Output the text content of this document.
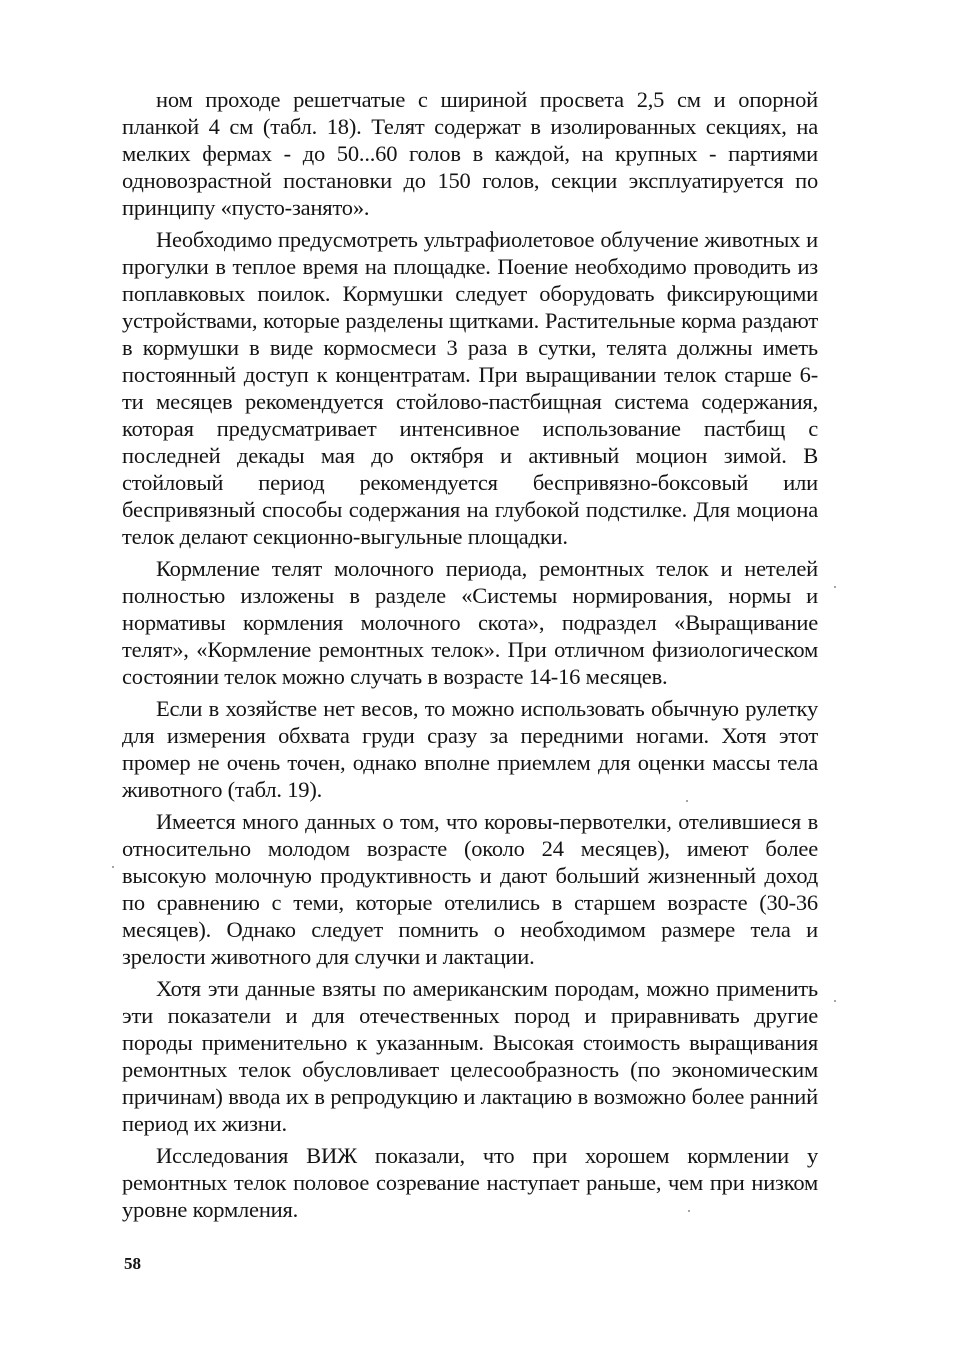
ном проходе решетчатые с шириной просвета 2,5 см и опорной планкой 4 см (табл. 18). Телят содержат в изолированных секциях, на мелких фермах - до 50...60 голов в каждой, на крупных - партиями одновозрастной постановки до 150 голов, секции эксплуатируется по принципу «пусто-занято».

Необходимо предусмотреть ультрафиолетовое облучение животных и прогулки в теплое время на площадке. Поение необходимо проводить из поплавковых поилок. Кормушки следует оборудовать фиксирующими устройствами, которые разделены щитками. Растительные корма раздают в кормушки в виде кормосмеси 3 раза в сутки, телята должны иметь постоянный доступ к концентратам. При выращивании телок старше 6-ти месяцев рекомендуется стойлово-пастбищная система содержания, которая предусматривает интенсивное использование пастбищ с последней декады мая до октября и активный моцион зимой. В стойловый период рекомендуется беспривязно-боксовый или беспривязный способы содержания на глубокой подстилке. Для моциона телок делают секционно-выгульные площадки.

Кормление телят молочного периода, ремонтных телок и нетелей полностью изложены в разделе «Системы нормирования, нормы и нормативы кормления молочного скота», подраздел «Выращивание телят», «Кормление ремонтных телок». При отличном физиологическом состоянии телок можно случать в возрасте 14-16 месяцев.

Если в хозяйстве нет весов, то можно использовать обычную рулетку для измерения обхвата груди сразу за передними ногами. Хотя этот промер не очень точен, однако вполне приемлем для оценки массы тела животного (табл. 19).

Имеется много данных о том, что коровы-первотелки, отелившиеся в относительно молодом возрасте (около 24 месяцев), имеют более высокую молочную продуктивность и дают больший жизненный доход по сравнению с теми, которые отелились в старшем возрасте (30-36 месяцев). Однако следует помнить о необходимом размере тела и зрелости животного для случки и лактации.

Хотя эти данные взяты по американским породам, можно применить эти показатели и для отечественных пород и приравнивать другие породы применительно к указанным. Высокая стоимость выращивания ремонтных телок обусловливает целесообразность (по экономическим причинам) ввода их в репродукцию и лактацию в возможно более ранний период их жизни.

Исследования ВИЖ показали, что при хорошем кормлении у ремонтных телок половое созревание наступает раньше, чем при низком уровне кормления.

58
